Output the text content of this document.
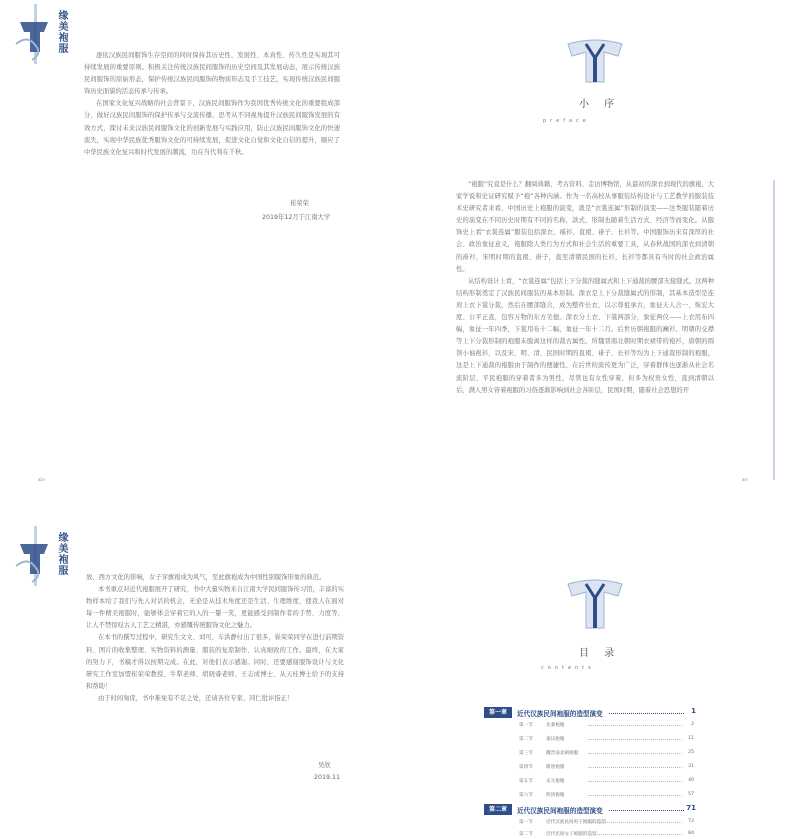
缘美袍服

逐依汉族民间服饰生存空间的同时保持其历史性、发展性、本真性、传久性是实现其可持续发展的重要原则。积极关注传统汉族民间服饰的历史空间及其发展动态，展示传统汉族民间服饰的原始形态，保护传统汉族民间服饰的物质形态及手工技艺，实现传统汉族民间服饰历史面貌的活态传承与传承。

在国家文化复兴战略的社会背景下，汉族民间服饰作为我国优秀传统文化的重要组成部分，做好汉族民间服饰的保护传承与交流传播，思考从不同视角提升汉族民间服饰发展的有效方式，探讨未来汉族民间服饰文化的创新发展与实践应用，防止汉族民间服饰文化的快速流失，实现中华民族优秀服饰文化的可持续发展，促进文化自觉和文化自信的提升，顺应了中华民族文化复兴和时代发展的潮流，功在当代利在千秋。

崔荣荣
2019年12月于江南大学
xiv
小 序
preface

“袍服”究竟是什么？翻阅典籍、考古资料、走访博物馆，从最初的深衣到现代的旗袍，大家学说和史证研究赋予“袍”各种内涵。作为一名高校从事服装结构设计与工艺教学的服装技术史研究者来看，中国历史上袍服的演变，就是“衣裳连属”形制的演变——这类服装随着历史的演变在不同历史时期有不同的名称，款式、形制也随着生活方式、经济等而变化。从服饰史上看“衣裳连属”服装包括深衣、襦衫、直裰、褂子、长衫等。中国服饰历来有深厚的社会、政治象征意义，袍服除人类行为方式和社会生活的重要工具，从春秋战国的深衣到清朝的褂衫，宋明时期的直裰、褂子，直至清朝民国的长衫，长衫等都具有当时的社会政治属性。

从结构设计上看，“衣裳连属”包括上下分裁的缝属式和上下通裁的腰部无接缝式。这两种结构形制奠定了汉族民间服装的基本形制。深衣是上下分裁缝属式的形制，其基本造型是连肩上衣下裳分裁，然后在腰部缝合，成为整件长衣，以示尊祖承古，象征天人合一、恢宏大度、公平正直，包容万物的东方美德。深衣分上衣、下裳两部分，象征两仪——上衣用布四幅，象征一年四季，下裳用布十二幅，象征一年十二月。后世历朝袍服的襕衫、明朝的交襟等上下分裁形制的袍服未脱离这样的裁古属性。所魏晋南北朝时期衣裙带的袍衫，唐朝的圆领小袖袍衫，以及宋、明、清、民国时期的直裰、褂子、长衫等均为上下通裁形制的袍服，这是上下通裁的袍服由于制作的便捷性，在后世的流传更为广泛，穿着群体也逐渐从社会名流阶层、平民袍服的穿着者多为男性，尽管也有女性穿着，但多为权贵女性，直到清朝以后，满人男女皆着袍服的习俗逐渐影响到社会各阶层，民国时期，随着社会思想的开

xv
缘美袍服

放、西方文化的影响，女子穿旗袍成为风气，至此旗袍成为中国性别服饰形象的典范。

本书重点对近代袍服展开了研究，书中大量实物来自江南大学民间服饰传习馆，丰富的实物样本给了我们与先人对话的机会，无论是从技术角度还是生活、生理维度，使我人在面对每一件精美袍服时，能够体会穿着它的人的一颦一笑，更能感受到制作者的手势、力度等，让人不禁惊叹古人工艺之精湛，亦感慨传统服饰文化之魅力。

在本书的撰写过程中，研究生文文、刘可、车洪静付出了很多，崔荣荣同学在进行前期资料、图片的收集整理、实物资料的测量、服装的复原制作、认真细致的工作。最终，在大家的努力下，书稿才得以按期完成。在此，对他们表示感谢。同时，还要感谢服饰设计与文化研究工作室加盟崔荣荣教授、牛犁老师、胡晓睿老师、王志成博士、从天桂博士给予的支持和帮助！

由于时间匆促，书中难免有不足之处，还请各位专家、同仁批评指正！

吴欣
2019.11
目 录
contents
第一章	近代汉族民间袍服的造型演变	1
第一节	先秦袍服	2
第二节	秦汉袍服	11
第三节	魏晋南北朝袍服	25
第四节	隋唐袍服	31
第五节	宋元袍服	40
第六节	明清袍服	57
第二章	近代汉族民间袍服的造型演变	71
第一节	近代汉族民间男子袍服的造型	72
第二节	近代民间女子袍服的造型	84
